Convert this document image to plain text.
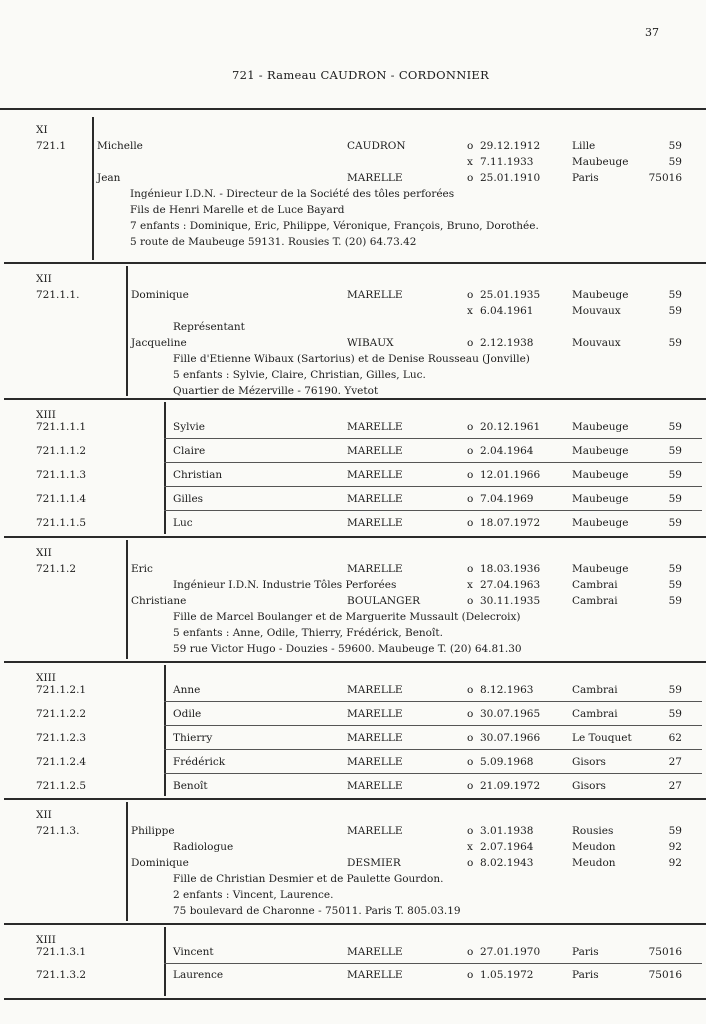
37
721 - Rameau CAUDRON - CORDONNIER
XI
721.1	Michelle	CAUDRON	o 29.12.1912	Lille	59
x 7.11.1933	Maubeuge	59
Jean	MARELLE	o 25.01.1910	Paris	75016
Ingénieur I.D.N. - Directeur de la Société des tôles perforées
Fils de Henri Marelle et de Luce Bayard
7 enfants : Dominique, Eric, Philippe, Véronique, François, Bruno, Dorothée.
5 route de Maubeuge 59131. Rousies T. (20) 64.73.42
XII
721.1.1.	Dominique	MARELLE	o 25.01.1935	Maubeuge	59
x 6.04.1961	Mouvaux	59
Représentant
Jacqueline	WIBAUX	o 2.12.1938	Mouvaux	59
Fille d'Etienne Wibaux (Sartorius) et de Denise Rousseau (Jonville)
5 enfants : Sylvie, Claire, Christian, Gilles, Luc.
Quartier de Mézerville - 76190. Yvetot
XIII
721.1.1.1	Sylvie	MARELLE	o 20.12.1961	Maubeuge	59
721.1.1.2	Claire	MARELLE	o 2.04.1964	Maubeuge	59
721.1.1.3	Christian	MARELLE	o 12.01.1966	Maubeuge	59
721.1.1.4	Gilles	MARELLE	o 7.04.1969	Maubeuge	59
721.1.1.5	Luc	MARELLE	o 18.07.1972	Maubeuge	59
XII
721.1.2	Eric	MARELLE	o 18.03.1936	Maubeuge	59
Ingénieur I.D.N. Industrie Tôles Perforées	x 27.04.1963	Cambrai	59
Christiane	BOULANGER	o 30.11.1935	Cambrai	59
Fille de Marcel Boulanger et de Marguerite Mussault (Delecroix)
5 enfants : Anne, Odile, Thierry, Frédérick, Benoît.
59 rue Victor Hugo - Douzies - 59600. Maubeuge T. (20) 64.81.30
XIII
721.1.2.1	Anne	MARELLE	o 8.12.1963	Cambrai	59
721.1.2.2	Odile	MARELLE	o 30.07.1965	Cambrai	59
721.1.2.3	Thierry	MARELLE	o 30.07.1966	Le Touquet	62
721.1.2.4	Frédérick	MARELLE	o 5.09.1968	Gisors	27
721.1.2.5	Benoît	MARELLE	o 21.09.1972	Gisors	27
XII
721.1.3.	Philippe	MARELLE	o 3.01.1938	Rousies	59
Radiologue	x 2.07.1964	Meudon	92
Dominique	DESMIER	o 8.02.1943	Meudon	92
Fille de Christian Desmier et de Paulette Gourdon.
2 enfants : Vincent, Laurence.
75 boulevard de Charonne - 75011. Paris T. 805.03.19
XIII
721.1.3.1	Vincent	MARELLE	o 27.01.1970	Paris	75016
721.1.3.2	Laurence	MARELLE	o 1.05.1972	Paris	75016
